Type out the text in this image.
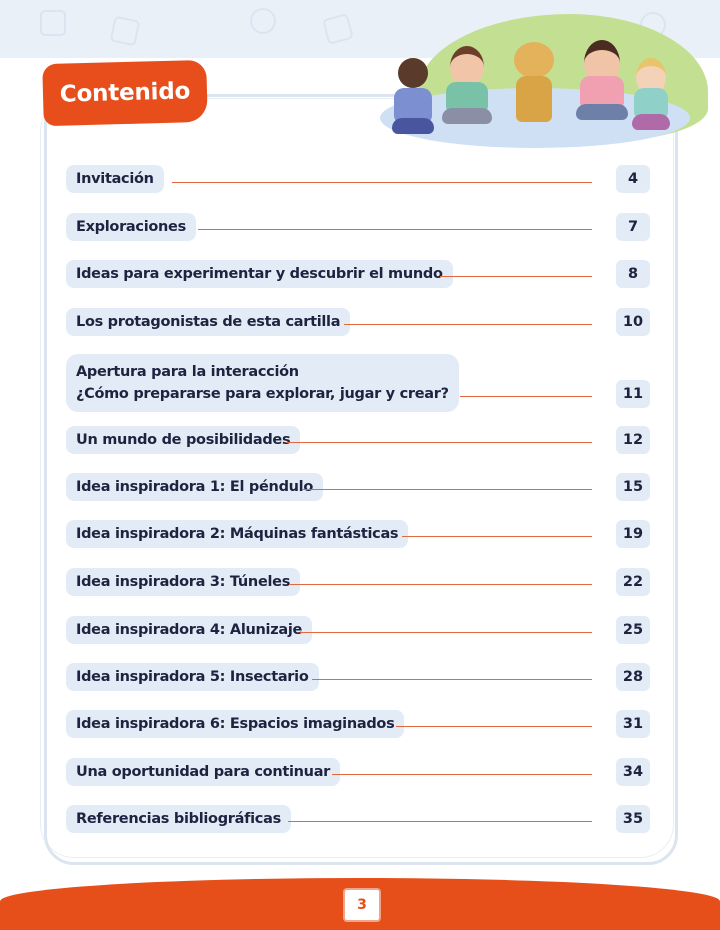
Contenido
Invitación	4
Exploraciones	7
Ideas para experimentar y descubrir el mundo	8
Los protagonistas de esta cartilla	10
Apertura para la interacción
¿Cómo prepararse para explorar, jugar y crear?	11
Un mundo de posibilidades	12
Idea inspiradora 1: El péndulo	15
Idea inspiradora 2: Máquinas fantásticas	19
Idea inspiradora 3: Túneles	22
Idea inspiradora 4: Alunizaje	25
Idea inspiradora 5: Insectario	28
Idea inspiradora 6: Espacios imaginados	31
Una oportunidad para continuar	34
Referencias bibliográficas	35
3
